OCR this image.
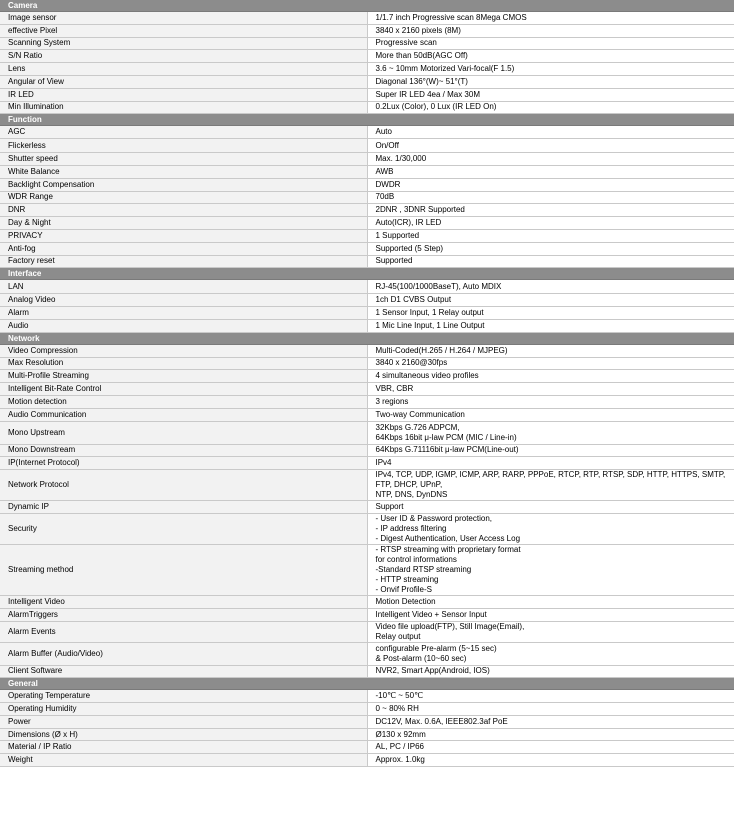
Camera	
Image sensor	1/1.7 inch Progressive scan 8Mega CMOS
effective Pixel	3840 x 2160 pixels (8M)
Scanning System	Progressive scan
S/N Ratio	More than 50dB(AGC Off)
Lens	3.6 ~ 10mm Motorized Vari-focal(F 1.5)
Angular of View	Diagonal 136°(W)~ 51°(T)
IR LED	Super IR LED 4ea / Max 30M
Min Illumination	0.2Lux (Color), 0 Lux (IR LED On)
Function	
AGC	Auto
Flickerless	On/Off
Shutter speed	Max. 1/30,000
White Balance	AWB
Backlight Compensation	DWDR
WDR Range	70dB
DNR	2DNR , 3DNR Supported
Day & Night	Auto(ICR), IR LED
PRIVACY	1 Supported
Anti-fog	Supported (5 Step)
Factory reset	Supported
Interface	
LAN	RJ-45(100/1000BaseT), Auto MDIX
Analog Video	1ch D1 CVBS Output
Alarm	1 Sensor Input, 1 Relay output
Audio	1 Mic Line Input, 1 Line Output
Network	
Video Compression	Multi-Coded(H.265 / H.264 / MJPEG)
Max Resolution	3840 x 2160@30fps
Multi-Profile Streaming	4 simultaneous video profiles
Intelligent Bit-Rate Control	VBR, CBR
Motion detection	3 regions
Audio Communication	Two-way Communication
Mono Upstream	32Kbps G.726 ADPCM,
64Kbps 16bit μ-law PCM (MIC / Line-in)
Mono Downstream	64Kbps G.71116bit μ-law PCM(Line-out)
IP(Internet Protocol)	IPv4
Network Protocol	IPv4, TCP, UDP, IGMP, ICMP, ARP, RARP, PPPoE, RTCP, RTP, RTSP, SDP, HTTP, HTTPS, SMTP, FTP, DHCP, UPnP,
NTP, DNS, DynDNS
Dynamic IP	Support
Security	- User ID & Password protection,
- IP address filtering
- Digest Authentication, User Access Log
Streaming method	- RTSP streaming with proprietary format
for control informations
-Standard RTSP streaming
- HTTP streaming
- Onvif Profile-S
Intelligent Video	Motion Detection
AlarmTriggers	Intelligent Video + Sensor Input
Alarm Events	Video file upload(FTP), Still Image(Email),
Relay output
Alarm Buffer (Audio/Video)	configurable Pre-alarm (5~15 sec)
& Post-alarm (10~60 sec)
Client Software	NVR2, Smart App(Android, IOS)
General	
Operating Temperature	-10℃ ~ 50℃
Operating Humidity	0 ~ 80% RH
Power	DC12V, Max. 0.6A, IEEE802.3af PoE
Dimensions (Ø x H)	Ø130 x 92mm
Material / IP Ratio	AL, PC / IP66
Weight	Approx. 1.0kg
